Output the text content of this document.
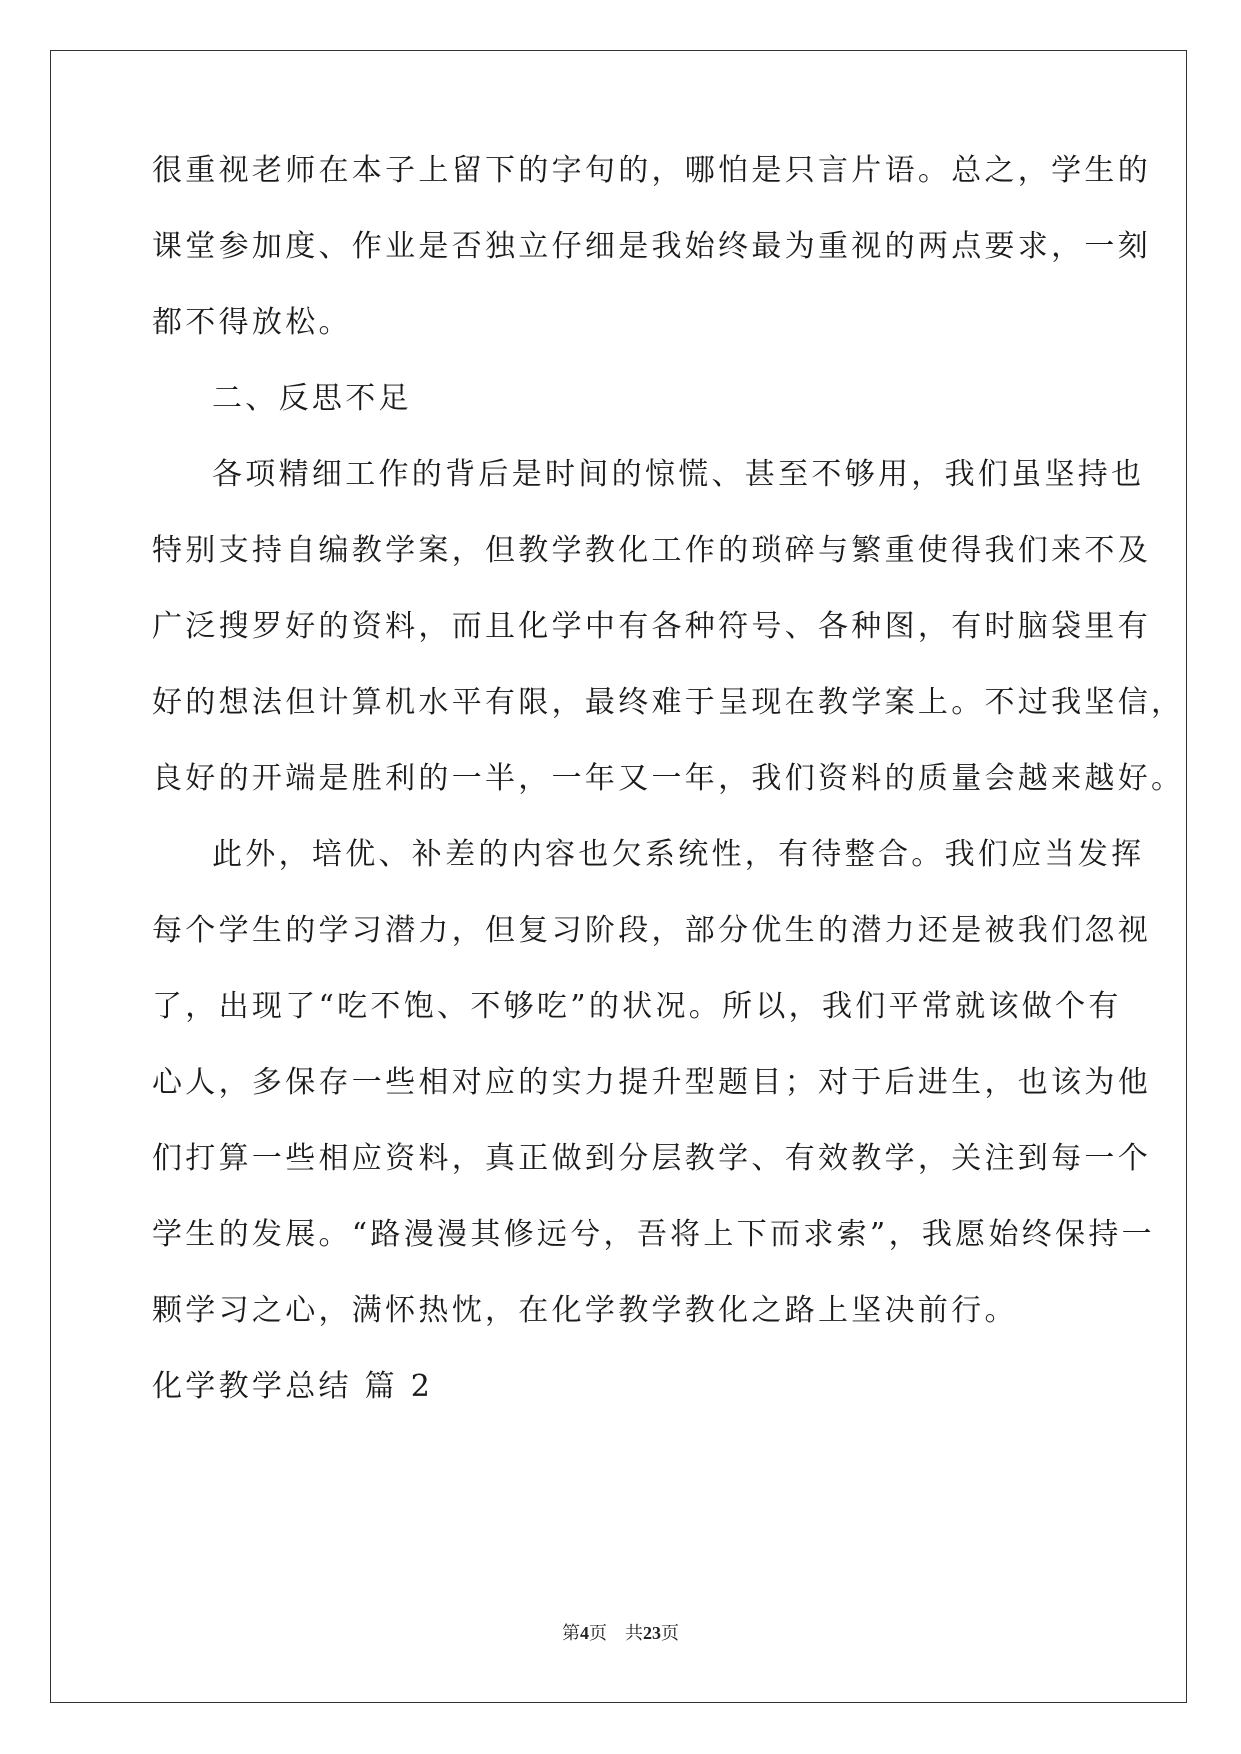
很重视老师在本子上留下的字句的，哪怕是只言片语。总之，学生的
课堂参加度、作业是否独立仔细是我始终最为重视的两点要求，一刻
都不得放松。
二、反思不足
各项精细工作的背后是时间的惊慌、甚至不够用，我们虽坚持也
特别支持自编教学案，但教学教化工作的琐碎与繁重使得我们来不及
广泛搜罗好的资料，而且化学中有各种符号、各种图，有时脑袋里有
好的想法但计算机水平有限，最终难于呈现在教学案上。不过我坚信，
良好的开端是胜利的一半，一年又一年，我们资料的质量会越来越好。
此外，培优、补差的内容也欠系统性，有待整合。我们应当发挥
每个学生的学习潜力，但复习阶段，部分优生的潜力还是被我们忽视
了，出现了“吃不饱、不够吃”的状况。所以，我们平常就该做个有
心人，多保存一些相对应的实力提升型题目；对于后进生，也该为他
们打算一些相应资料，真正做到分层教学、有效教学，关注到每一个
学生的发展。“路漫漫其修远兮，吾将上下而求索”，我愿始终保持一
颗学习之心，满怀热忱，在化学教学教化之路上坚决前行。
化学教学总结 篇 2
第4页　共23页
